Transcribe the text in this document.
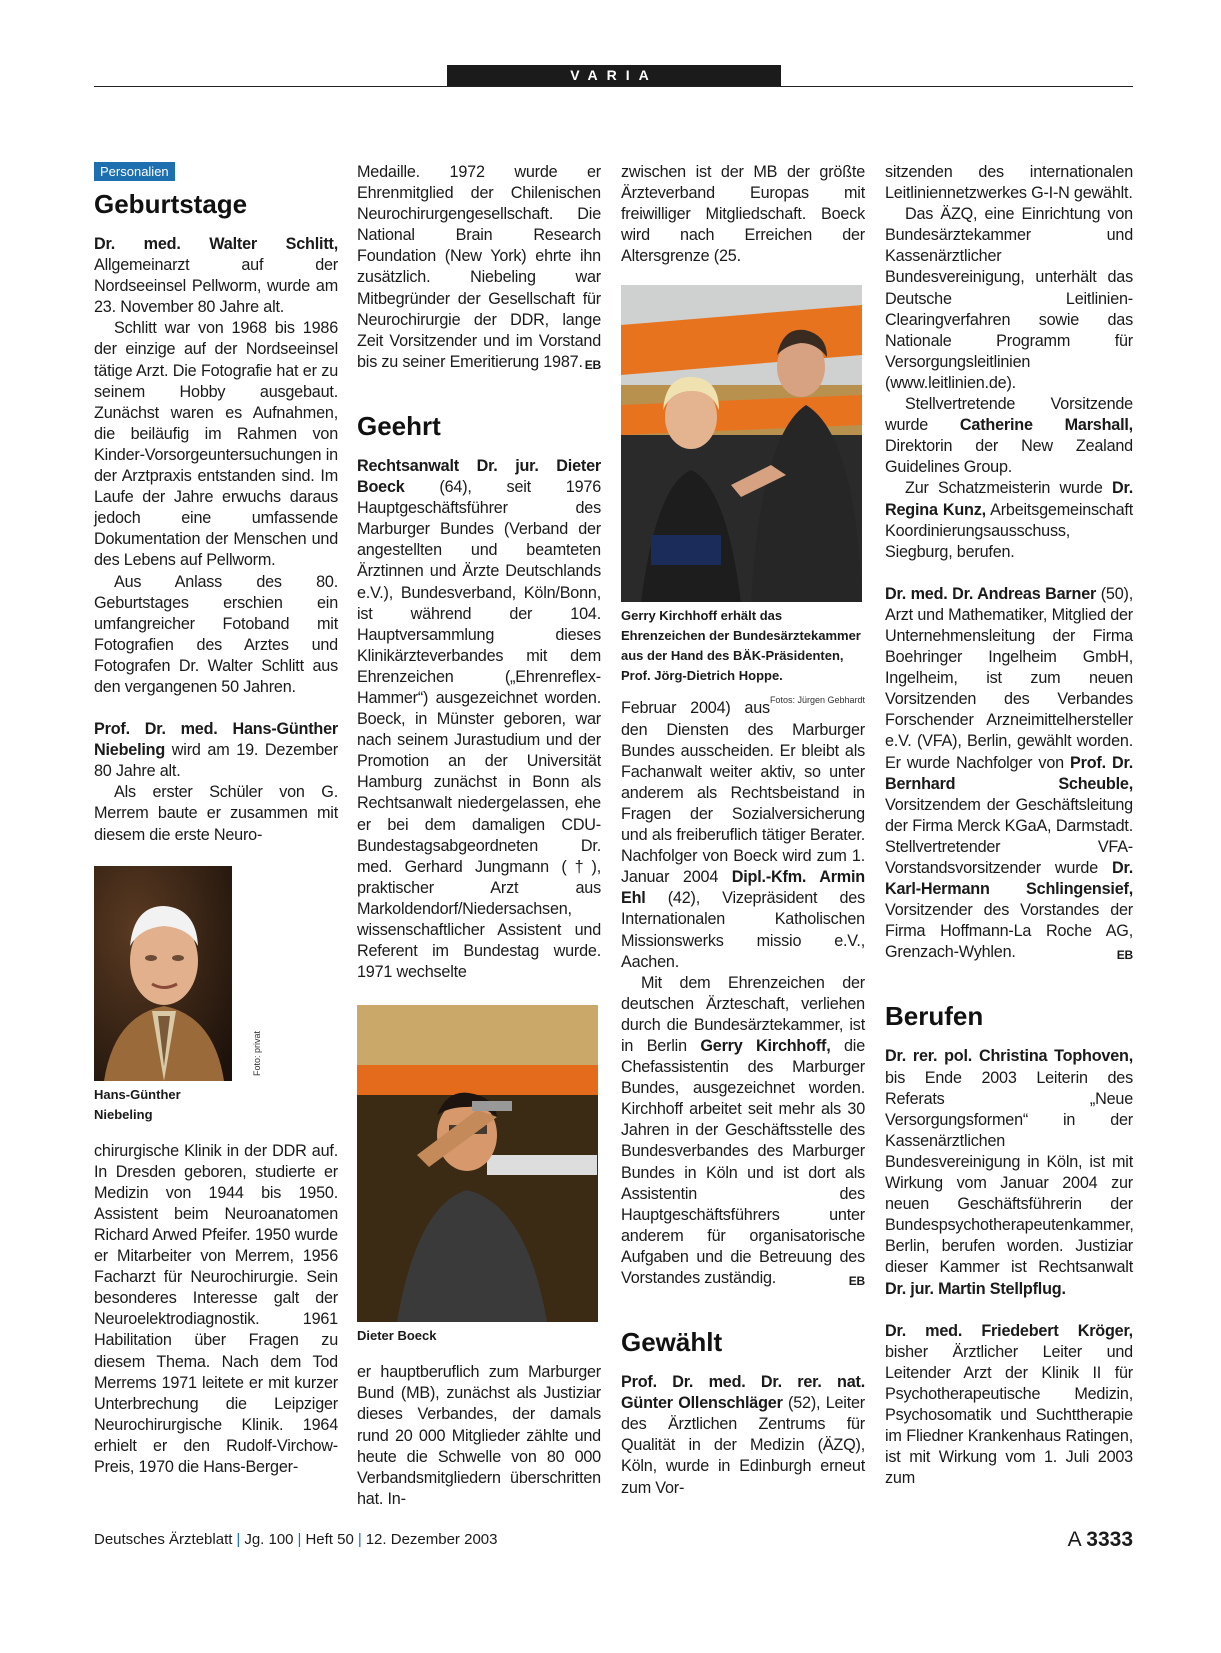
VARIA
Personalien
Geburtstage

Dr. med. Walter Schlitt, Allgemeinarzt auf der Nordseeinsel Pellworm, wurde am 23. November 80 Jahre alt.

Schlitt war von 1968 bis 1986 der einzige auf der Nordseeinsel tätige Arzt. Die Fotografie hat er zu seinem Hobby ausgebaut. Zunächst waren es Aufnahmen, die beiläufig im Rahmen von Kinder-Vorsorgeuntersuchungen in der Arztpraxis entstanden sind. Im Laufe der Jahre erwuchs daraus jedoch eine umfassende Dokumentation der Menschen und des Lebens auf Pellworm.

Aus Anlass des 80. Geburtstages erschien ein umfangreicher Fotoband mit Fotografien des Arztes und Fotografen Dr. Walter Schlitt aus den vergangenen 50 Jahren.

Prof. Dr. med. Hans-Günther Niebeling wird am 19. Dezember 80 Jahre alt.

Als erster Schüler von G. Merrem baute er zusammen mit diesem die erste Neuro-

Foto: privat
Hans-Günther Niebeling

chirurgische Klinik in der DDR auf. In Dresden geboren, studierte er Medizin von 1944 bis 1950. Assistent beim Neuroanatomen Richard Arwed Pfeifer. 1950 wurde er Mitarbeiter von Merrem, 1956 Facharzt für Neurochirurgie. Sein besonderes Interesse galt der Neuroelektrodiagnostik. 1961 Habilitation über Fragen zu diesem Thema. Nach dem Tod Merrems 1971 leitete er mit kurzer Unterbrechung die Leipziger Neurochirurgische Klinik. 1964 erhielt er den Rudolf-Virchow-Preis, 1970 die Hans-Berger-

Medaille. 1972 wurde er Ehrenmitglied der Chilenischen Neurochirurgengesellschaft. Die National Brain Research Foundation (New York) ehrte ihn zusätzlich. Niebeling war Mitbegründer der Gesellschaft für Neurochirurgie der DDR, lange Zeit Vorsitzender und im Vorstand bis zu seiner Emeritierung 1987. EB

Geehrt

Rechtsanwalt Dr. jur. Dieter Boeck (64), seit 1976 Hauptgeschäftsführer des Marburger Bundes (Verband der angestellten und beamteten Ärztinnen und Ärzte Deutschlands e.V.), Bundesverband, Köln/Bonn, ist während der 104. Hauptversammlung dieses Klinikärzteverbandes mit dem Ehrenzeichen („Ehrenreflex-Hammer“) ausgezeichnet worden. Boeck, in Münster geboren, war nach seinem Jurastudium und der Promotion an der Universität Hamburg zunächst in Bonn als Rechtsanwalt niedergelassen, ehe er bei dem damaligen CDU-Bundestagsabgeordneten Dr. med. Gerhard Jungmann (†), praktischer Arzt aus Markoldendorf/Niedersachsen, wissenschaftlicher Assistent und Referent im Bundestag wurde. 1971 wechselte

Dieter Boeck

er hauptberuflich zum Marburger Bund (MB), zunächst als Justiziar dieses Verbandes, der damals rund 20 000 Mitglieder zählte und heute die Schwelle von 80 000 Verbandsmitgliedern überschritten hat. In-

zwischen ist der MB der größte Ärzteverband Europas mit freiwilliger Mitgliedschaft. Boeck wird nach Erreichen der Altersgrenze (25.

Gerry Kirchhoff erhält das Ehrenzeichen der Bundesärztekammer aus der Hand des BÄK-Präsidenten, Prof. Jörg-Dietrich Hoppe.
Fotos: Jürgen Gebhardt

Februar 2004) aus den Diensten des Marburger Bundes ausscheiden. Er bleibt als Fachanwalt weiter aktiv, so unter anderem als Rechtsbeistand in Fragen der Sozialversicherung und als freiberuflich tätiger Berater. Nachfolger von Boeck wird zum 1. Januar 2004 Dipl.-Kfm. Armin Ehl (42), Vizepräsident des Internationalen Katholischen Missionswerks missio e.V., Aachen.

Mit dem Ehrenzeichen der deutschen Ärzteschaft, verliehen durch die Bundesärztekammer, ist in Berlin Gerry Kirchhoff, die Chefassistentin des Marburger Bundes, ausgezeichnet worden. Kirchhoff arbeitet seit mehr als 30 Jahren in der Geschäftsstelle des Bundesverbandes des Marburger Bundes in Köln und ist dort als Assistentin des Hauptgeschäftsführers unter anderem für organisatorische Aufgaben und die Betreuung des Vorstandes zuständig.	EB

Gewählt

Prof. Dr. med. Dr. rer. nat. Günter Ollenschläger (52), Leiter des Ärztlichen Zentrums für Qualität in der Medizin (ÄZQ), Köln, wurde in Edinburgh erneut zum Vor-

sitzenden des internationalen Leitliniennetzwerkes G-I-N gewählt.

Das ÄZQ, eine Einrichtung von Bundesärztekammer und Kassenärztlicher Bundesvereinigung, unterhält das Deutsche Leitlinien-Clearingverfahren sowie das Nationale Programm für Versorgungsleitlinien (www.leitlinien.de).

Stellvertretende Vorsitzende wurde Catherine Marshall, Direktorin der New Zealand Guidelines Group.

Zur Schatzmeisterin wurde Dr. Regina Kunz, Arbeitsgemeinschaft Koordinierungsausschuss, Siegburg, berufen.

Dr. med. Dr. Andreas Barner (50), Arzt und Mathematiker, Mitglied der Unternehmensleitung der Firma Boehringer Ingelheim GmbH, Ingelheim, ist zum neuen Vorsitzenden des Verbandes Forschender Arzneimittelhersteller e.V. (VFA), Berlin, gewählt worden. Er wurde Nachfolger von Prof. Dr. Bernhard Scheuble, Vorsitzendem der Geschäftsleitung der Firma Merck KGaA, Darmstadt. Stellvertretender VFA-Vorstandsvorsitzender wurde Dr. Karl-Hermann Schlingensief, Vorsitzender des Vorstandes der Firma Hoffmann-La Roche AG, Grenzach-Wyhlen.	EB

Berufen

Dr. rer. pol. Christina Tophoven, bis Ende 2003 Leiterin des Referats „Neue Versorgungsformen“ in der Kassenärztlichen Bundesvereinigung in Köln, ist mit Wirkung vom Januar 2004 zur neuen Geschäftsführerin der Bundespsychotherapeutenkammer, Berlin, berufen worden. Justiziar dieser Kammer ist Rechtsanwalt Dr. jur. Martin Stellpflug.

Dr. med. Friedebert Kröger, bisher Ärztlicher Leiter und Leitender Arzt der Klinik II für Psychotherapeutische Medizin, Psychosomatik und Suchttherapie im Fliedner Krankenhaus Ratingen, ist mit Wirkung vom 1. Juli 2003 zum

Deutsches Ärzteblatt | Jg. 100 | Heft 50 | 12. Dezember 2003	A 3333
